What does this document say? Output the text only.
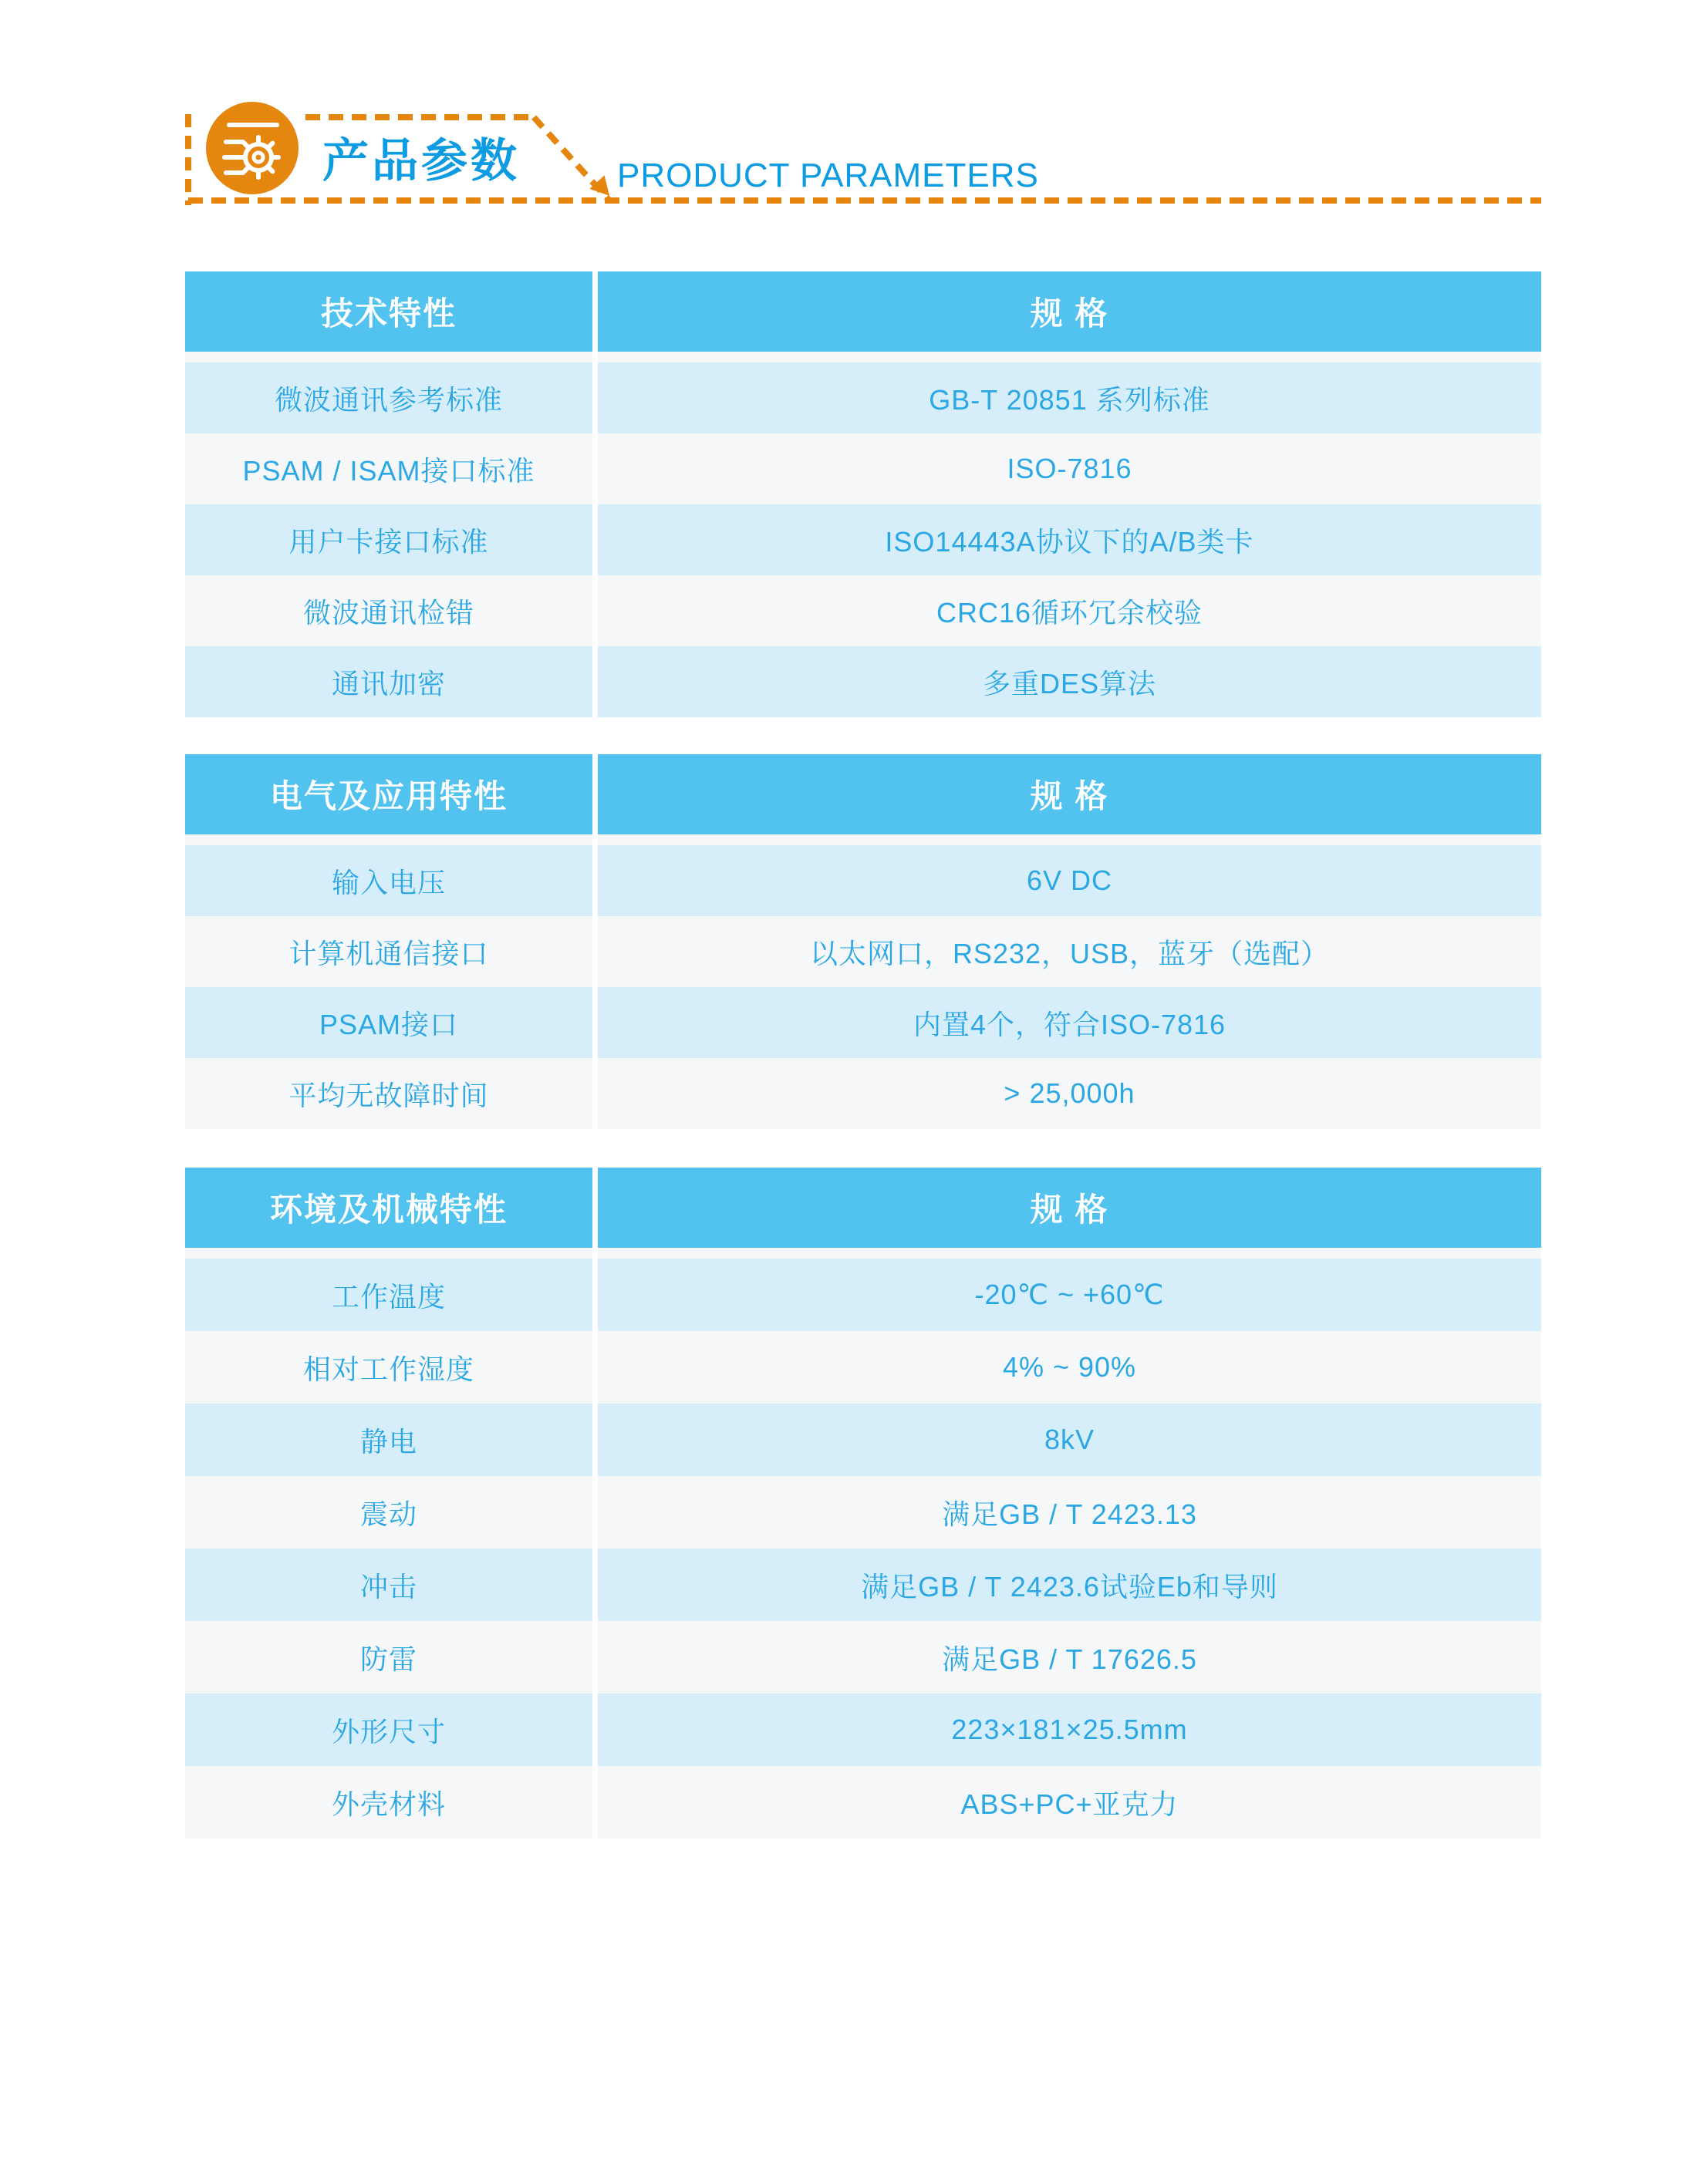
产品参数	PRODUCT PARAMETERS
技术特性	规 格
微波通讯参考标准	GB-T 20851 系列标准
PSAM / ISAM接口标准	ISO-7816
用户卡接口标准	ISO14443A协议下的A/B类卡
微波通讯检错	CRC16循环冗余校验
通讯加密	多重DES算法
电气及应用特性	规 格
输入电压	6V DC
计算机通信接口	以太网口，RS232，USB，蓝牙（选配）
PSAM接口	内置4个，符合ISO-7816
平均无故障时间	> 25,000h
环境及机械特性	规 格
工作温度	-20℃ ~ +60℃
相对工作湿度	4% ~ 90%
静电	8kV
震动	满足GB / T 2423.13
冲击	满足GB / T 2423.6试验Eb和导则
防雷	满足GB / T 17626.5
外形尺寸	223×181×25.5mm
外壳材料	ABS+PC+亚克力
